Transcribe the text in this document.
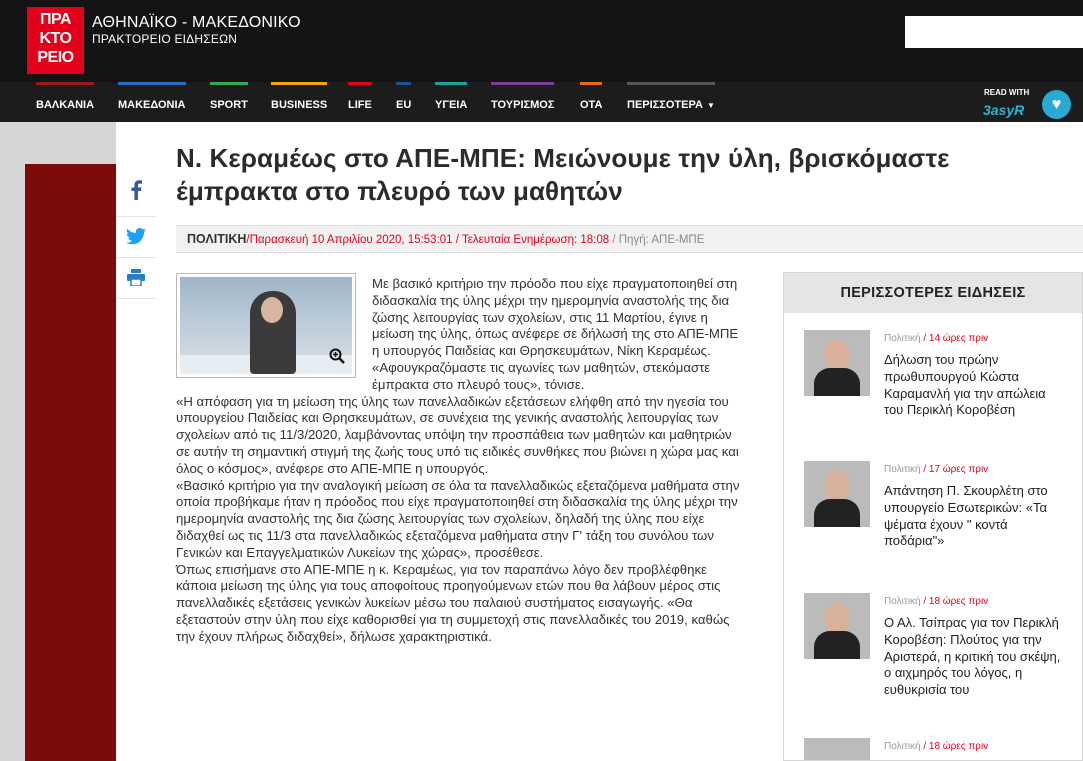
ΠΡΑ
ΚΤΟ
ΡΕΙΟ
ΑΘΗΝΑΪΚΟ - ΜΑΚΕΔΟΝΙΚΟ
ΠΡΑΚΤΟΡΕΙΟ ΕΙΔΗΣΕΩΝ
ΒΑΛΚΑΝΙΑ ΜΑΚΕΔΟΝΙΑ SPORT BUSINESS LIFE EU ΥΓΕΙΑ ΤΟΥΡΙΣΜΟΣ ΟΤΑ ΠΕΡΙΣΣΟΤΕΡΑ ▼
READ WITH
3asyR	♥
Ν. Κεραμέως στο ΑΠΕ-ΜΠΕ: Μειώνουμε την ύλη, βρισκόμαστε έμπρακτα στο πλευρό των μαθητών
ΠΟΛΙΤΙΚΗ/Παρασκευή 10 Απριλίου 2020, 15:53:01 / Τελευταία Ενημέρωση: 18:08 / Πηγή: ΑΠΕ-ΜΠΕ

Με βασικό κριτήριο την πρόοδο που είχε πραγματοποιηθεί στη διδασκαλία της ύλης μέχρι την ημερομηνία αναστολής της δια ζώσης λειτουργίας των σχολείων, στις 11 Μαρτίου, έγινε η μείωση της ύλης, όπως ανέφερε σε δήλωσή της στο ΑΠΕ-ΜΠΕ η υπουργός Παιδείας και Θρησκευμάτων, Νίκη Κεραμέως. «Αφουγκραζόμαστε τις αγωνίες των μαθητών, στεκόμαστε έμπρακτα στο πλευρό τους», τόνισε.

«Η απόφαση για τη μείωση της ύλης των πανελλαδικών εξετάσεων ελήφθη από την ηγεσία του υπουργείου Παιδείας και Θρησκευμάτων, σε συνέχεια της γενικής αναστολής λειτουργίας των σχολείων από τις 11/3/2020, λαμβάνοντας υπόψη την προσπάθεια των μαθητών και μαθητριών σε αυτήν τη σημαντική στιγμή της ζωής τους υπό τις ειδικές συνθήκες που βιώνει η χώρα μας και όλος ο κόσμος», ανέφερε στο ΑΠΕ-ΜΠΕ η υπουργός.

«Βασικό κριτήριο για την αναλογική μείωση σε όλα τα πανελλαδικώς εξεταζόμενα μαθήματα στην οποία προβήκαμε ήταν η πρόοδος που είχε πραγματοποιηθεί στη διδασκαλία της ύλης μέχρι την ημερομηνία αναστολής της δια ζώσης λειτουργίας των σχολείων, δηλαδή της ύλης που είχε διδαχθεί ως τις 11/3 στα πανελλαδικώς εξεταζόμενα μαθήματα στην Γ' τάξη του συνόλου των Γενικών και Επαγγελματικών Λυκείων της χώρας», προσέθεσε.

Όπως επισήμανε στο ΑΠΕ-ΜΠΕ η κ. Κεραμέως, για τον παραπάνω λόγο δεν προβλέφθηκε κάποια μείωση της ύλης για τους αποφοίτους προηγούμενων ετών που θα λάβουν μέρος στις πανελλαδικές εξετάσεις γενικών λυκείων μέσω του παλαιού συστήματος εισαγωγής. «Θα εξεταστούν στην ύλη που είχε καθορισθεί για τη συμμετοχή στις πανελλαδικές του 2019, καθώς την έχουν πλήρως διδαχθεί», δήλωσε χαρακτηριστικά.

ΠΕΡΙΣΣΟΤΕΡΕΣ ΕΙΔΗΣΕΙΣ
Πολιτική / 14 ώρες πριν
Δήλωση του πρώην πρωθυπουργού Κώστα Καραμανλή για την απώλεια του Περικλή Κοροβέση
Πολιτική / 17 ώρες πριν
Απάντηση Π. Σκουρλέτη στο υπουργείο Εσωτερικών: «Τα ψέματα έχουν " κοντά ποδάρια"»
Πολιτική / 18 ώρες πριν
Ο Αλ. Τσίπρας για τον Περικλή Κοροβέση: Πλούτος για την Αριστερά, η κριτική του σκέψη, ο αιχμηρός του λόγος, η ευθυκρισία του
Πολιτική / 18 ώρες πριν
